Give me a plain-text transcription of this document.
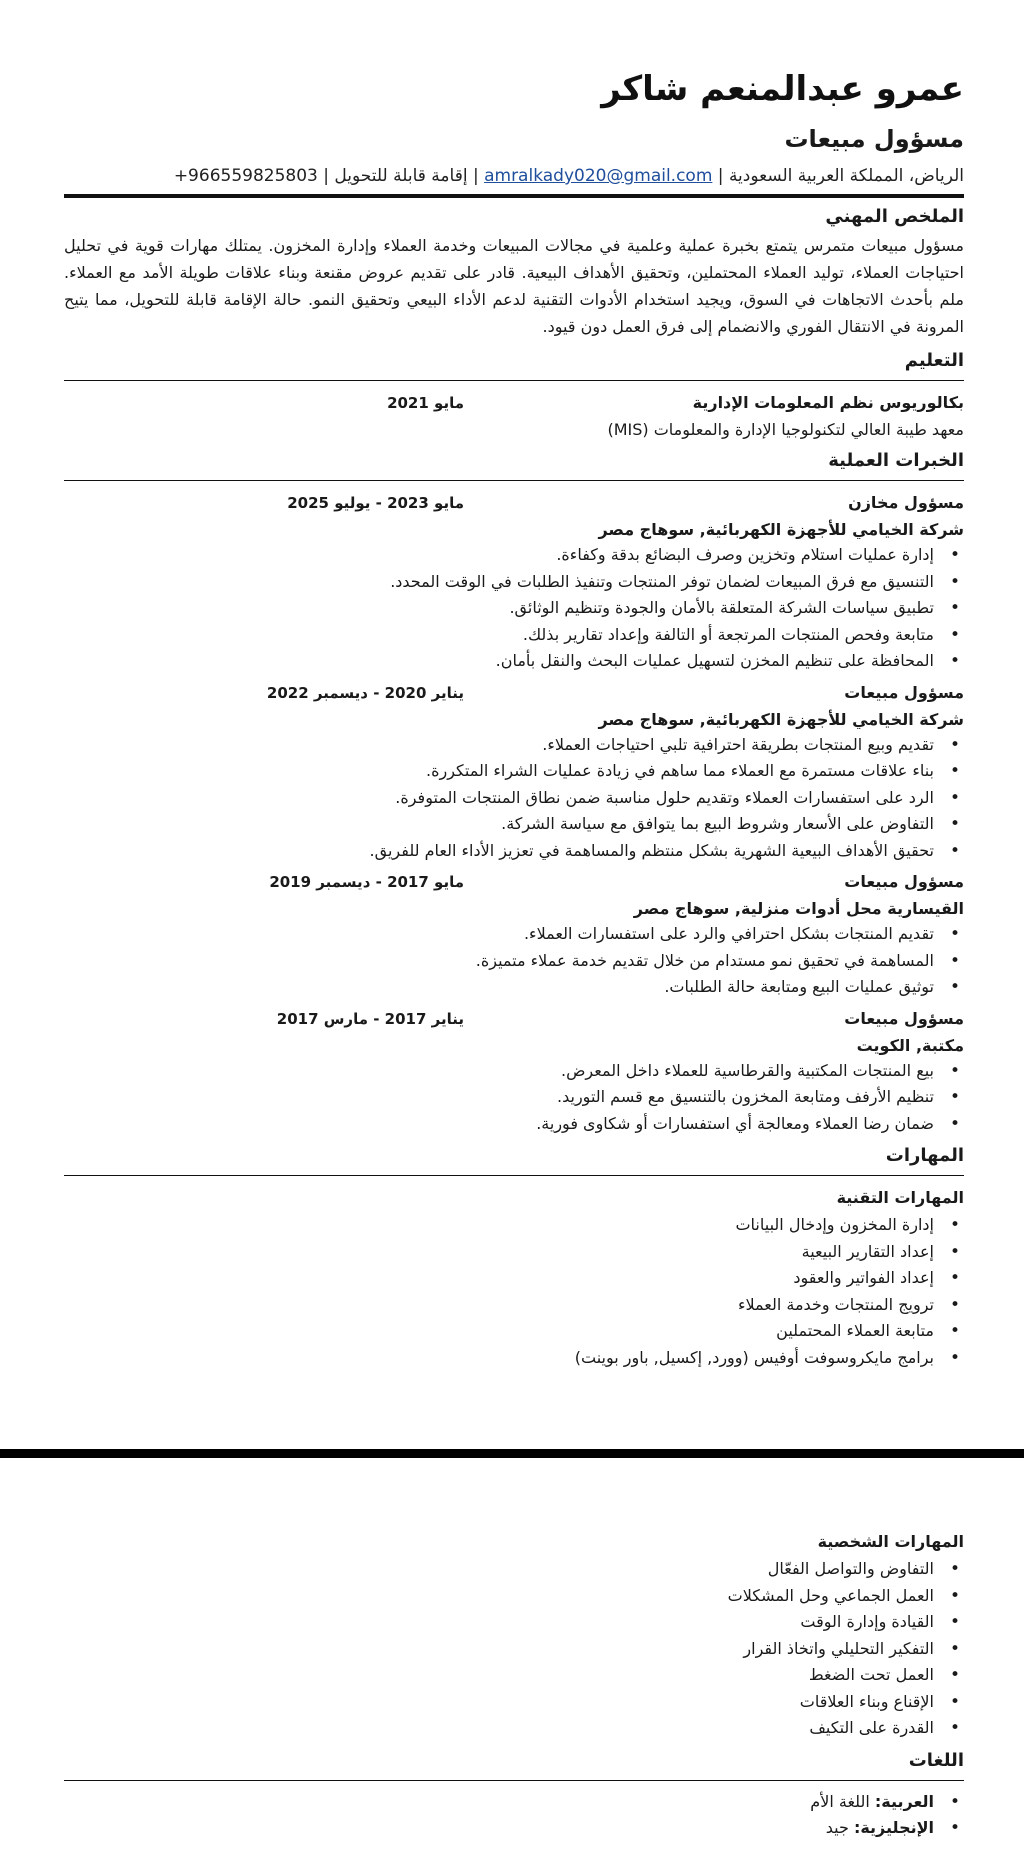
عمرو عبدالمنعم شاكر
مسؤول مبيعات
الرياض، المملكة العربية السعودية | amralkady020@gmail.com | إقامة قابلة للتحويل | +966559825803
الملخص المهني

مسؤول مبيعات متمرس يتمتع بخبرة عملية وعلمية في مجالات المبيعات وخدمة العملاء وإدارة المخزون. يمتلك مهارات قوية في تحليل احتياجات العملاء، توليد العملاء المحتملين، وتحقيق الأهداف البيعية. قادر على تقديم عروض مقنعة وبناء علاقات طويلة الأمد مع العملاء. ملم بأحدث الاتجاهات في السوق، ويجيد استخدام الأدوات التقنية لدعم الأداء البيعي وتحقيق النمو. حالة الإقامة قابلة للتحويل، مما يتيح المرونة في الانتقال الفوري والانضمام إلى فرق العمل دون قيود.

التعليم
بكالوريوس نظم المعلومات الإدارية
مايو 2021
معهد طيبة العالي لتكنولوجيا الإدارة والمعلومات (MIS)
الخبرات العملية
مسؤول مخازن
مايو 2023 - يوليو 2025
شركة الخيامي للأجهزة الكهربائية, سوهاج مصر
• إدارة عمليات استلام وتخزين وصرف البضائع بدقة وكفاءة.
• التنسيق مع فرق المبيعات لضمان توفر المنتجات وتنفيذ الطلبات في الوقت المحدد.
• تطبيق سياسات الشركة المتعلقة بالأمان والجودة وتنظيم الوثائق.
• متابعة وفحص المنتجات المرتجعة أو التالفة وإعداد تقارير بذلك.
• المحافظة على تنظيم المخزن لتسهيل عمليات البحث والنقل بأمان.
مسؤول مبيعات
يناير 2020 - ديسمبر 2022
شركة الخيامي للأجهزة الكهربائية, سوهاج مصر
• تقديم وبيع المنتجات بطريقة احترافية تلبي احتياجات العملاء.
• بناء علاقات مستمرة مع العملاء مما ساهم في زيادة عمليات الشراء المتكررة.
• الرد على استفسارات العملاء وتقديم حلول مناسبة ضمن نطاق المنتجات المتوفرة.
• التفاوض على الأسعار وشروط البيع بما يتوافق مع سياسة الشركة.
• تحقيق الأهداف البيعية الشهرية بشكل منتظم والمساهمة في تعزيز الأداء العام للفريق.
مسؤول مبيعات
مايو 2017 - ديسمبر 2019
القيسارية محل أدوات منزلية, سوهاج مصر
• تقديم المنتجات بشكل احترافي والرد على استفسارات العملاء.
• المساهمة في تحقيق نمو مستدام من خلال تقديم خدمة عملاء متميزة.
• توثيق عمليات البيع ومتابعة حالة الطلبات.
مسؤول مبيعات
يناير 2017 - مارس 2017
مكتبة, الكويت
• بيع المنتجات المكتبية والقرطاسية للعملاء داخل المعرض.
• تنظيم الأرفف ومتابعة المخزون بالتنسيق مع قسم التوريد.
• ضمان رضا العملاء ومعالجة أي استفسارات أو شكاوى فورية.
المهارات
المهارات التقنية
• إدارة المخزون وإدخال البيانات
• إعداد التقارير البيعية
• إعداد الفواتير والعقود
• ترويج المنتجات وخدمة العملاء
• متابعة العملاء المحتملين
• برامج مايكروسوفت أوفيس (وورد, إكسيل, باور بوينت)
المهارات الشخصية
• التفاوض والتواصل الفعّال
• العمل الجماعي وحل المشكلات
• القيادة وإدارة الوقت
• التفكير التحليلي واتخاذ القرار
• العمل تحت الضغط
• الإقناع وبناء العلاقات
• القدرة على التكيف
اللغات
• العربية: اللغة الأم
• الإنجليزية: جيد
